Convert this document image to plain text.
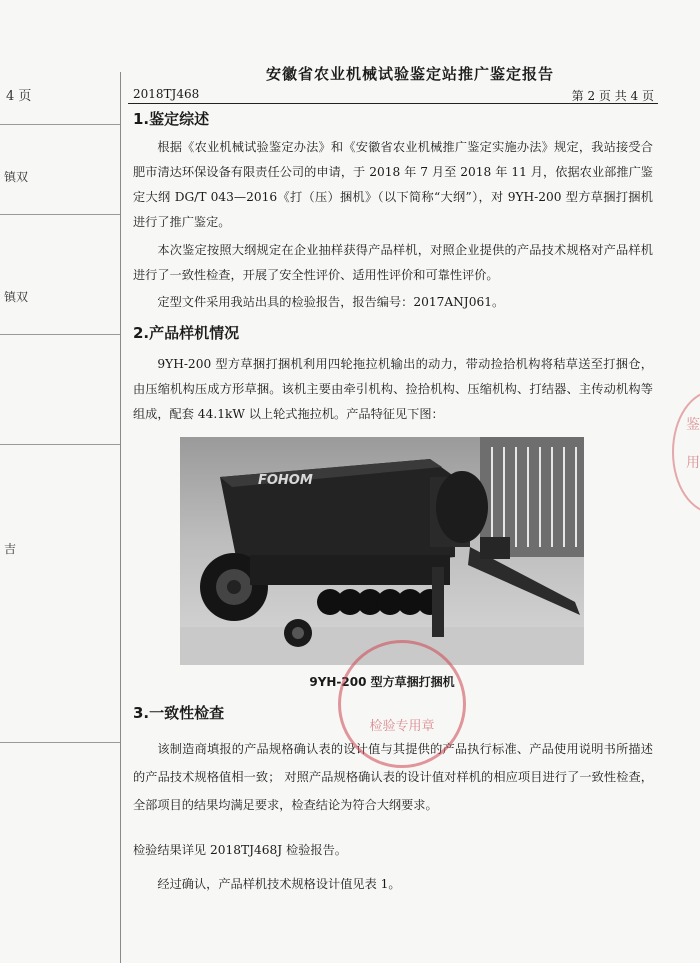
镇双
镇双
吉
4 页
安徽省农业机械试验鉴定站推广鉴定报告
2018TJ468	第 2 页 共 4 页
1.鉴定综述

根据《农业机械试验鉴定办法》和《安徽省农业机械推广鉴定实施办法》规定，我站接受合肥市清达环保设备有限责任公司的申请，于 2018 年 7 月至 2018 年 11 月，依据农业部推广鉴定大纲 DG/T 043—2016《打（压）捆机》（以下简称“大纲”），对 9YH-200 型方草捆打捆机进行了推广鉴定。

本次鉴定按照大纲规定在企业抽样获得产品样机，对照企业提供的产品技术规格对产品样机进行了一致性检查，开展了安全性评价、适用性评价和可靠性评价。

定型文件采用我站出具的检验报告，报告编号：2017ANJ061。

2.产品样机情况

9YH-200 型方草捆打捆机利用四轮拖拉机输出的动力，带动捡拾机构将秸草送至打捆仓，由压缩机构压成方形草捆。该机主要由牵引机构、捡拾机构、压缩机构、打结器、主传动机构等组成，配套 44.1kW 以上轮式拖拉机。产品特征见下图：

FOHOM
9YH-200 型方草捆打捆机
3.一致性检查

该制造商填报的产品规格确认表的设计值与其提供的产品执行标准、产品使用说明书所描述的产品技术规格值相一致； 对照产品规格确认表的设计值对样机的相应项目进行了一致性检查，全部项目的结果均满足要求，检查结论为符合大纲要求。

检验结果详见 2018TJ468J 检验报告。

经过确认，产品样机技术规格设计值见表 1。

检验专用章
鉴
用
